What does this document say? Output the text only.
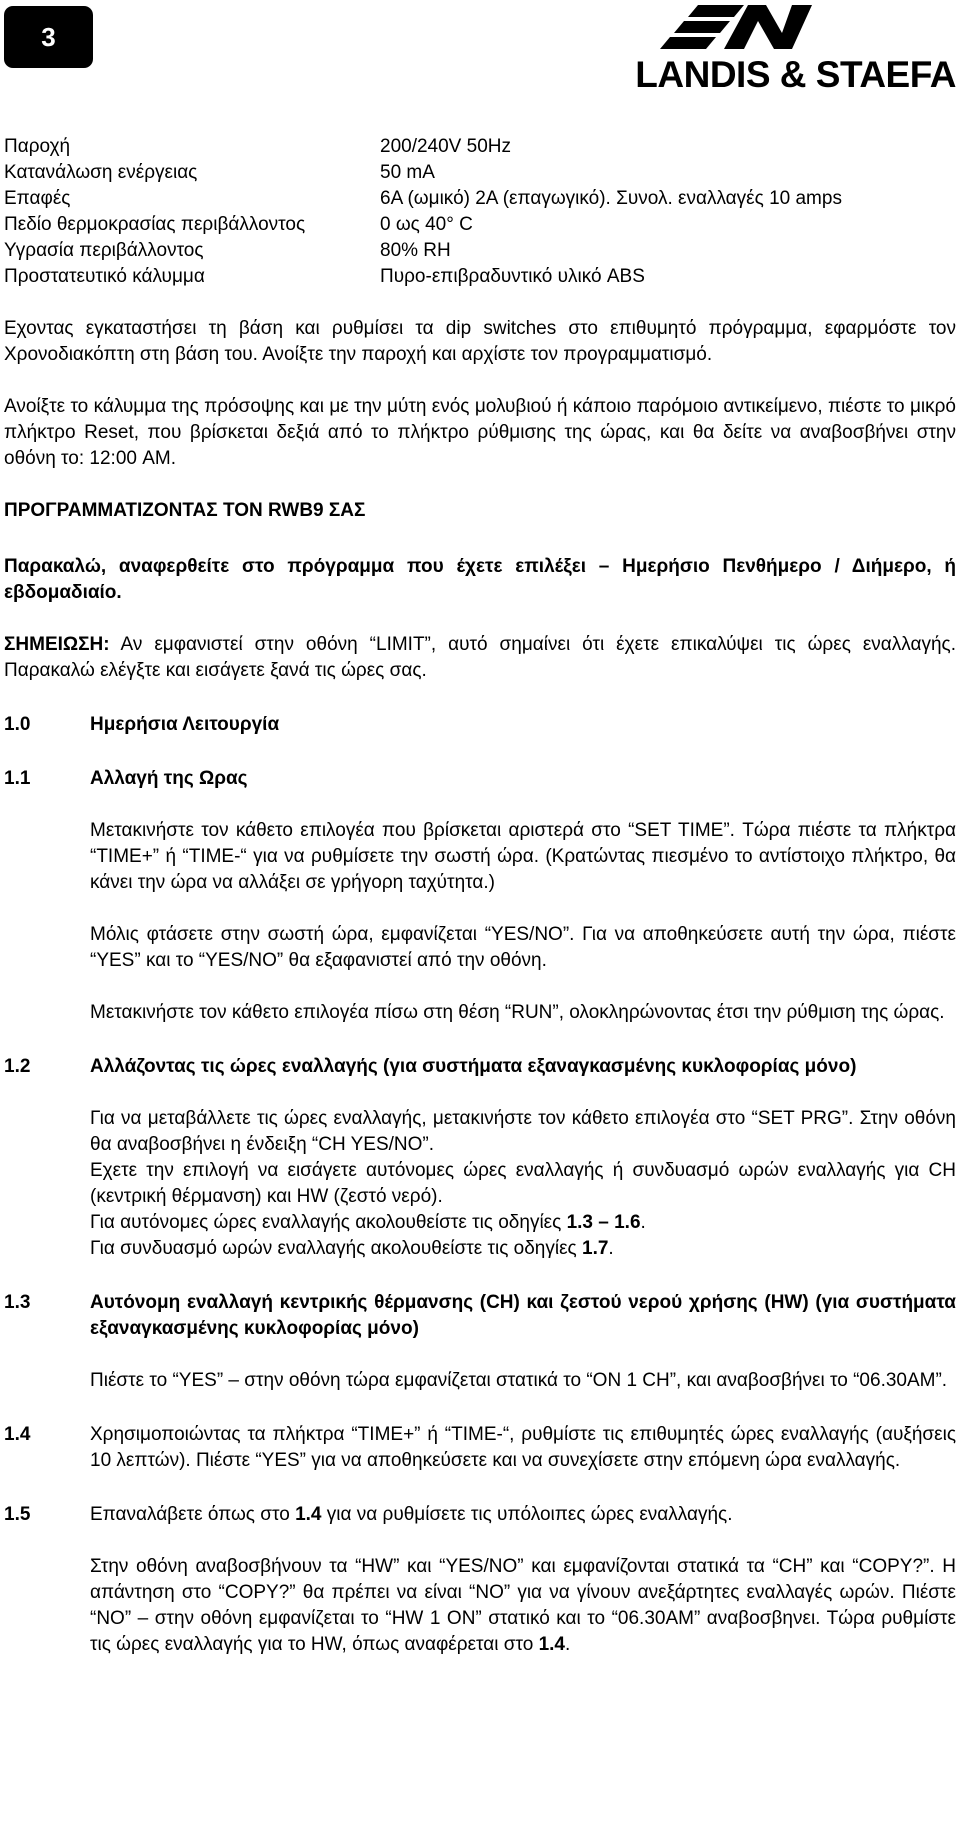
3
LANDIS & STAEFA
Παροχή	200/240V 50Hz
Κατανάλωση ενέργειας	50 mA
Επαφές	6A (ωμικό) 2A (επαγωγικό). Συνολ. εναλλαγές 10 amps
Πεδίο θερμοκρασίας περιβάλλοντος	0 ως 40° C
Υγρασία περιβάλλοντος	80% RH
Προστατευτικό κάλυμμα	Πυρο-επιβραδυντικό υλικό ABS

Εχοντας εγκαταστήσει τη βάση και ρυθμίσει τα dip switches στο επιθυμητό πρόγραμμα, εφαρμόστε τον Χρονοδιακόπτη στη βάση του. Ανοίξτε την παροχή και αρχίστε τον προγραμματισμό.

Ανοίξτε το κάλυμμα της πρόσοψης και με την μύτη ενός μολυβιού ή κάποιο παρόμοιο αντικείμενο, πιέστε το μικρό πλήκτρο Reset, που βρίσκεται δεξιά από το πλήκτρο ρύθμισης της ώρας, και θα δείτε να αναβοσβήνει στην οθόνη το: 12:00 AM.

ΠΡΟΓΡΑΜΜΑΤΙΖΟΝΤΑΣ ΤΟΝ RWB9 ΣΑΣ

Παρακαλώ, αναφερθείτε στο πρόγραμμα που έχετε επιλέξει – Ημερήσιο Πενθήμερο / Διήμερο, ή εβδομαδιαίο.

ΣΗΜΕΙΩΣΗ: Αν εμφανιστεί στην οθόνη “LIMIT”, αυτό σημαίνει ότι έχετε επικαλύψει τις ώρες εναλλαγής. Παρακαλώ ελέγξτε και εισάγετε ξανά τις ώρες σας.

1.0	Ημερήσια Λειτουργία
1.1	Αλλαγή της Ωρας

Μετακινήστε τον κάθετο επιλογέα που βρίσκεται αριστερά στο “SET TIME”. Τώρα πιέστε τα πλήκτρα “TIME+” ή “TIME-“ για να ρυθμίσετε την σωστή ώρα. (Κρατώντας πιεσμένο το αντίστοιχο πλήκτρο, θα κάνει την ώρα να αλλάξει σε γρήγορη ταχύτητα.)

Μόλις φτάσετε στην σωστή ώρα, εμφανίζεται “YES/NO”. Για να αποθηκεύσετε αυτή την ώρα, πιέστε “YES” και το “YES/NO” θα εξαφανιστεί από την οθόνη.

Μετακινήστε τον κάθετο επιλογέα πίσω στη θέση “RUN”, ολοκληρώνοντας έτσι την ρύθμιση της ώρας.

1.2	Αλλάζοντας τις ώρες εναλλαγής (για συστήματα εξαναγκασμένης κυκλοφορίας μόνο)

Για να μεταβάλλετε τις ώρες εναλλαγής, μετακινήστε τον κάθετο επιλογέα στο “SET PRG”. Στην οθόνη θα αναβοσβήνει η ένδειξη “CH YES/NO”.

Εχετε την επιλογή να εισάγετε αυτόνομες ώρες εναλλαγής ή συνδυασμό ωρών εναλλαγής για CH (κεντρική θέρμανση) και HW (ζεστό νερό).

Για αυτόνομες ώρες εναλλαγής ακολουθείστε τις οδηγίες 1.3 – 1.6.

Για συνδυασμό ωρών εναλλαγής ακολουθείστε τις οδηγίες 1.7.

1.3	Αυτόνομη εναλλαγή κεντρικής θέρμανσης (CH) και ζεστού νερού χρήσης (HW) (για συστήματα εξαναγκασμένης κυκλοφορίας μόνο)

Πιέστε το “YES” – στην οθόνη τώρα εμφανίζεται στατικά το “ON 1 CH”, και αναβοσβήνει το “06.30AM”.

1.4	Χρησιμοποιώντας τα πλήκτρα “TIME+” ή “TIME-“, ρυθμίστε τις επιθυμητές ώρες εναλλαγής (αυξήσεις 10 λεπτών). Πιέστε “YES” για να αποθηκεύσετε και να συνεχίσετε στην επόμενη ώρα εναλλαγής.
1.5	Επαναλάβετε όπως στο 1.4 για να ρυθμίσετε τις υπόλοιπες ώρες εναλλαγής.

Στην οθόνη αναβοσβήνουν τα “HW” και “YES/NO” και εμφανίζονται στατικά τα “CH” και “COPY?”. Η απάντηση στο “COPY?” θα πρέπει να είναι “NO” για να γίνουν ανεξάρτητες εναλλαγές ωρών. Πιέστε “NO” – στην οθόνη εμφανίζεται το “HW 1 ON” στατικό και το “06.30AM” αναβοσβηνει. Τώρα ρυθμίστε τις ώρες εναλλαγής για το HW, όπως αναφέρεται στο 1.4.
